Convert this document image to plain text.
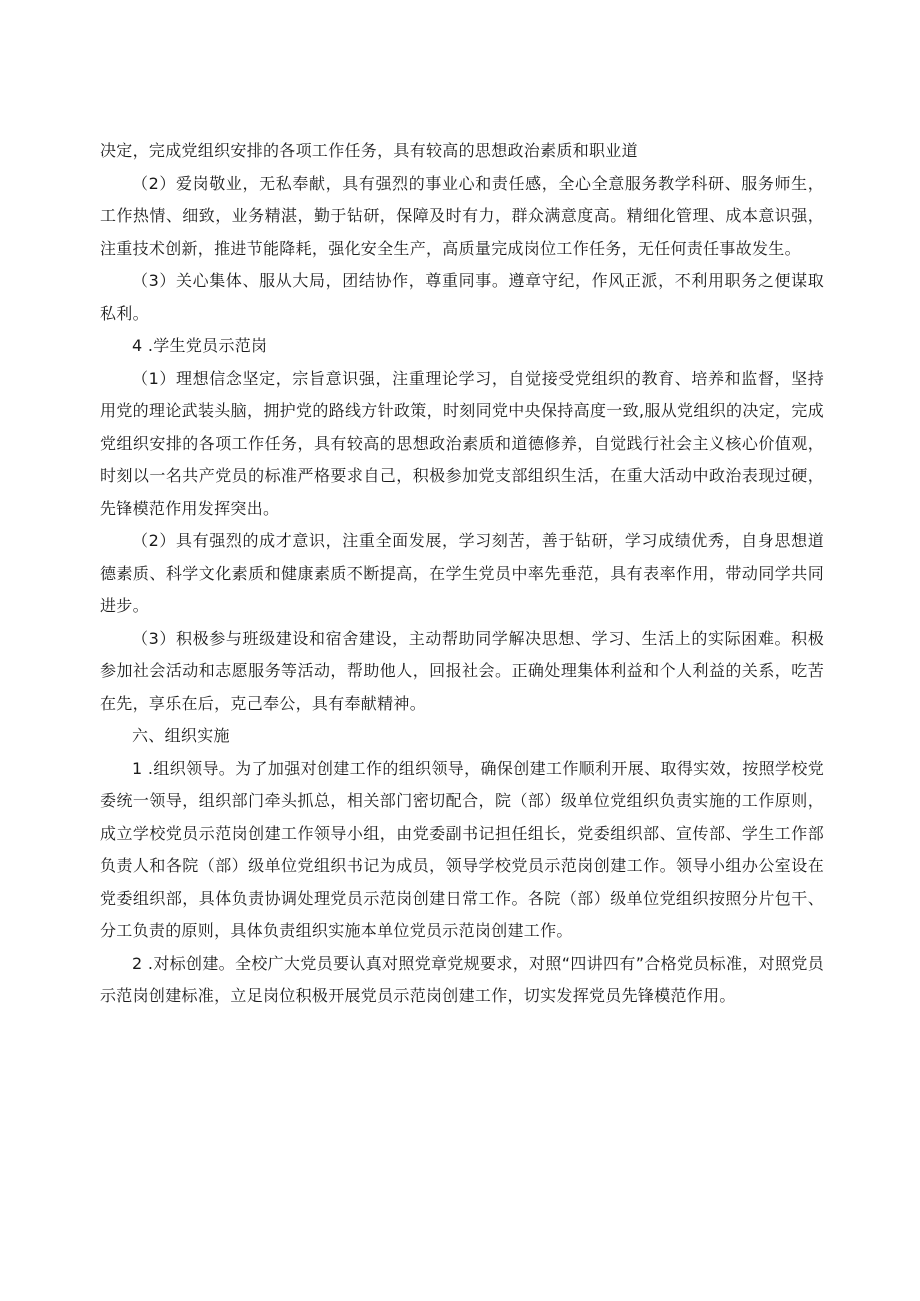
决定，完成党组织安排的各项工作任务，具有较高的思想政治素质和职业道

（2）爱岗敬业，无私奉献，具有强烈的事业心和责任感，全心全意服务教学科研、服务师生，工作热情、细致，业务精湛，勤于钻研，保障及时有力，群众满意度高。精细化管理、成本意识强，注重技术创新，推进节能降耗，强化安全生产，高质量完成岗位工作任务，无任何责任事故发生。

（3）关心集体、服从大局，团结协作，尊重同事。遵章守纪，作风正派，不利用职务之便谋取私利。

4 .学生党员示范岗

（1）理想信念坚定，宗旨意识强，注重理论学习，自觉接受党组织的教育、培养和监督，坚持用党的理论武装头脑，拥护党的路线方针政策，时刻同党中央保持高度一致,服从党组织的决定，完成党组织安排的各项工作任务，具有较高的思想政治素质和道德修养，自觉践行社会主义核心价值观，时刻以一名共产党员的标准严格要求自己，积极参加党支部组织生活，在重大活动中政治表现过硬，先锋模范作用发挥突出。

（2）具有强烈的成才意识，注重全面发展，学习刻苦，善于钻研，学习成绩优秀，自身思想道德素质、科学文化素质和健康素质不断提高，在学生党员中率先垂范，具有表率作用，带动同学共同进步。

（3）积极参与班级建设和宿舍建设，主动帮助同学解决思想、学习、生活上的实际困难。积极参加社会活动和志愿服务等活动，帮助他人，回报社会。正确处理集体利益和个人利益的关系，吃苦在先，享乐在后，克己奉公，具有奉献精神。

六、组织实施

1 .组织领导。为了加强对创建工作的组织领导，确保创建工作顺利开展、取得实效，按照学校党委统一领导，组织部门牵头抓总，相关部门密切配合，院（部）级单位党组织负责实施的工作原则，成立学校党员示范岗创建工作领导小组，由党委副书记担任组长，党委组织部、宣传部、学生工作部负责人和各院（部）级单位党组织书记为成员，领导学校党员示范岗创建工作。领导小组办公室设在党委组织部，具体负责协调处理党员示范岗创建日常工作。各院（部）级单位党组织按照分片包干、分工负责的原则，具体负责组织实施本单位党员示范岗创建工作。

2 .对标创建。全校广大党员要认真对照党章党规要求，对照“四讲四有”合格党员标准，对照党员示范岗创建标准，立足岗位积极开展党员示范岗创建工作，切实发挥党员先锋模范作用。
